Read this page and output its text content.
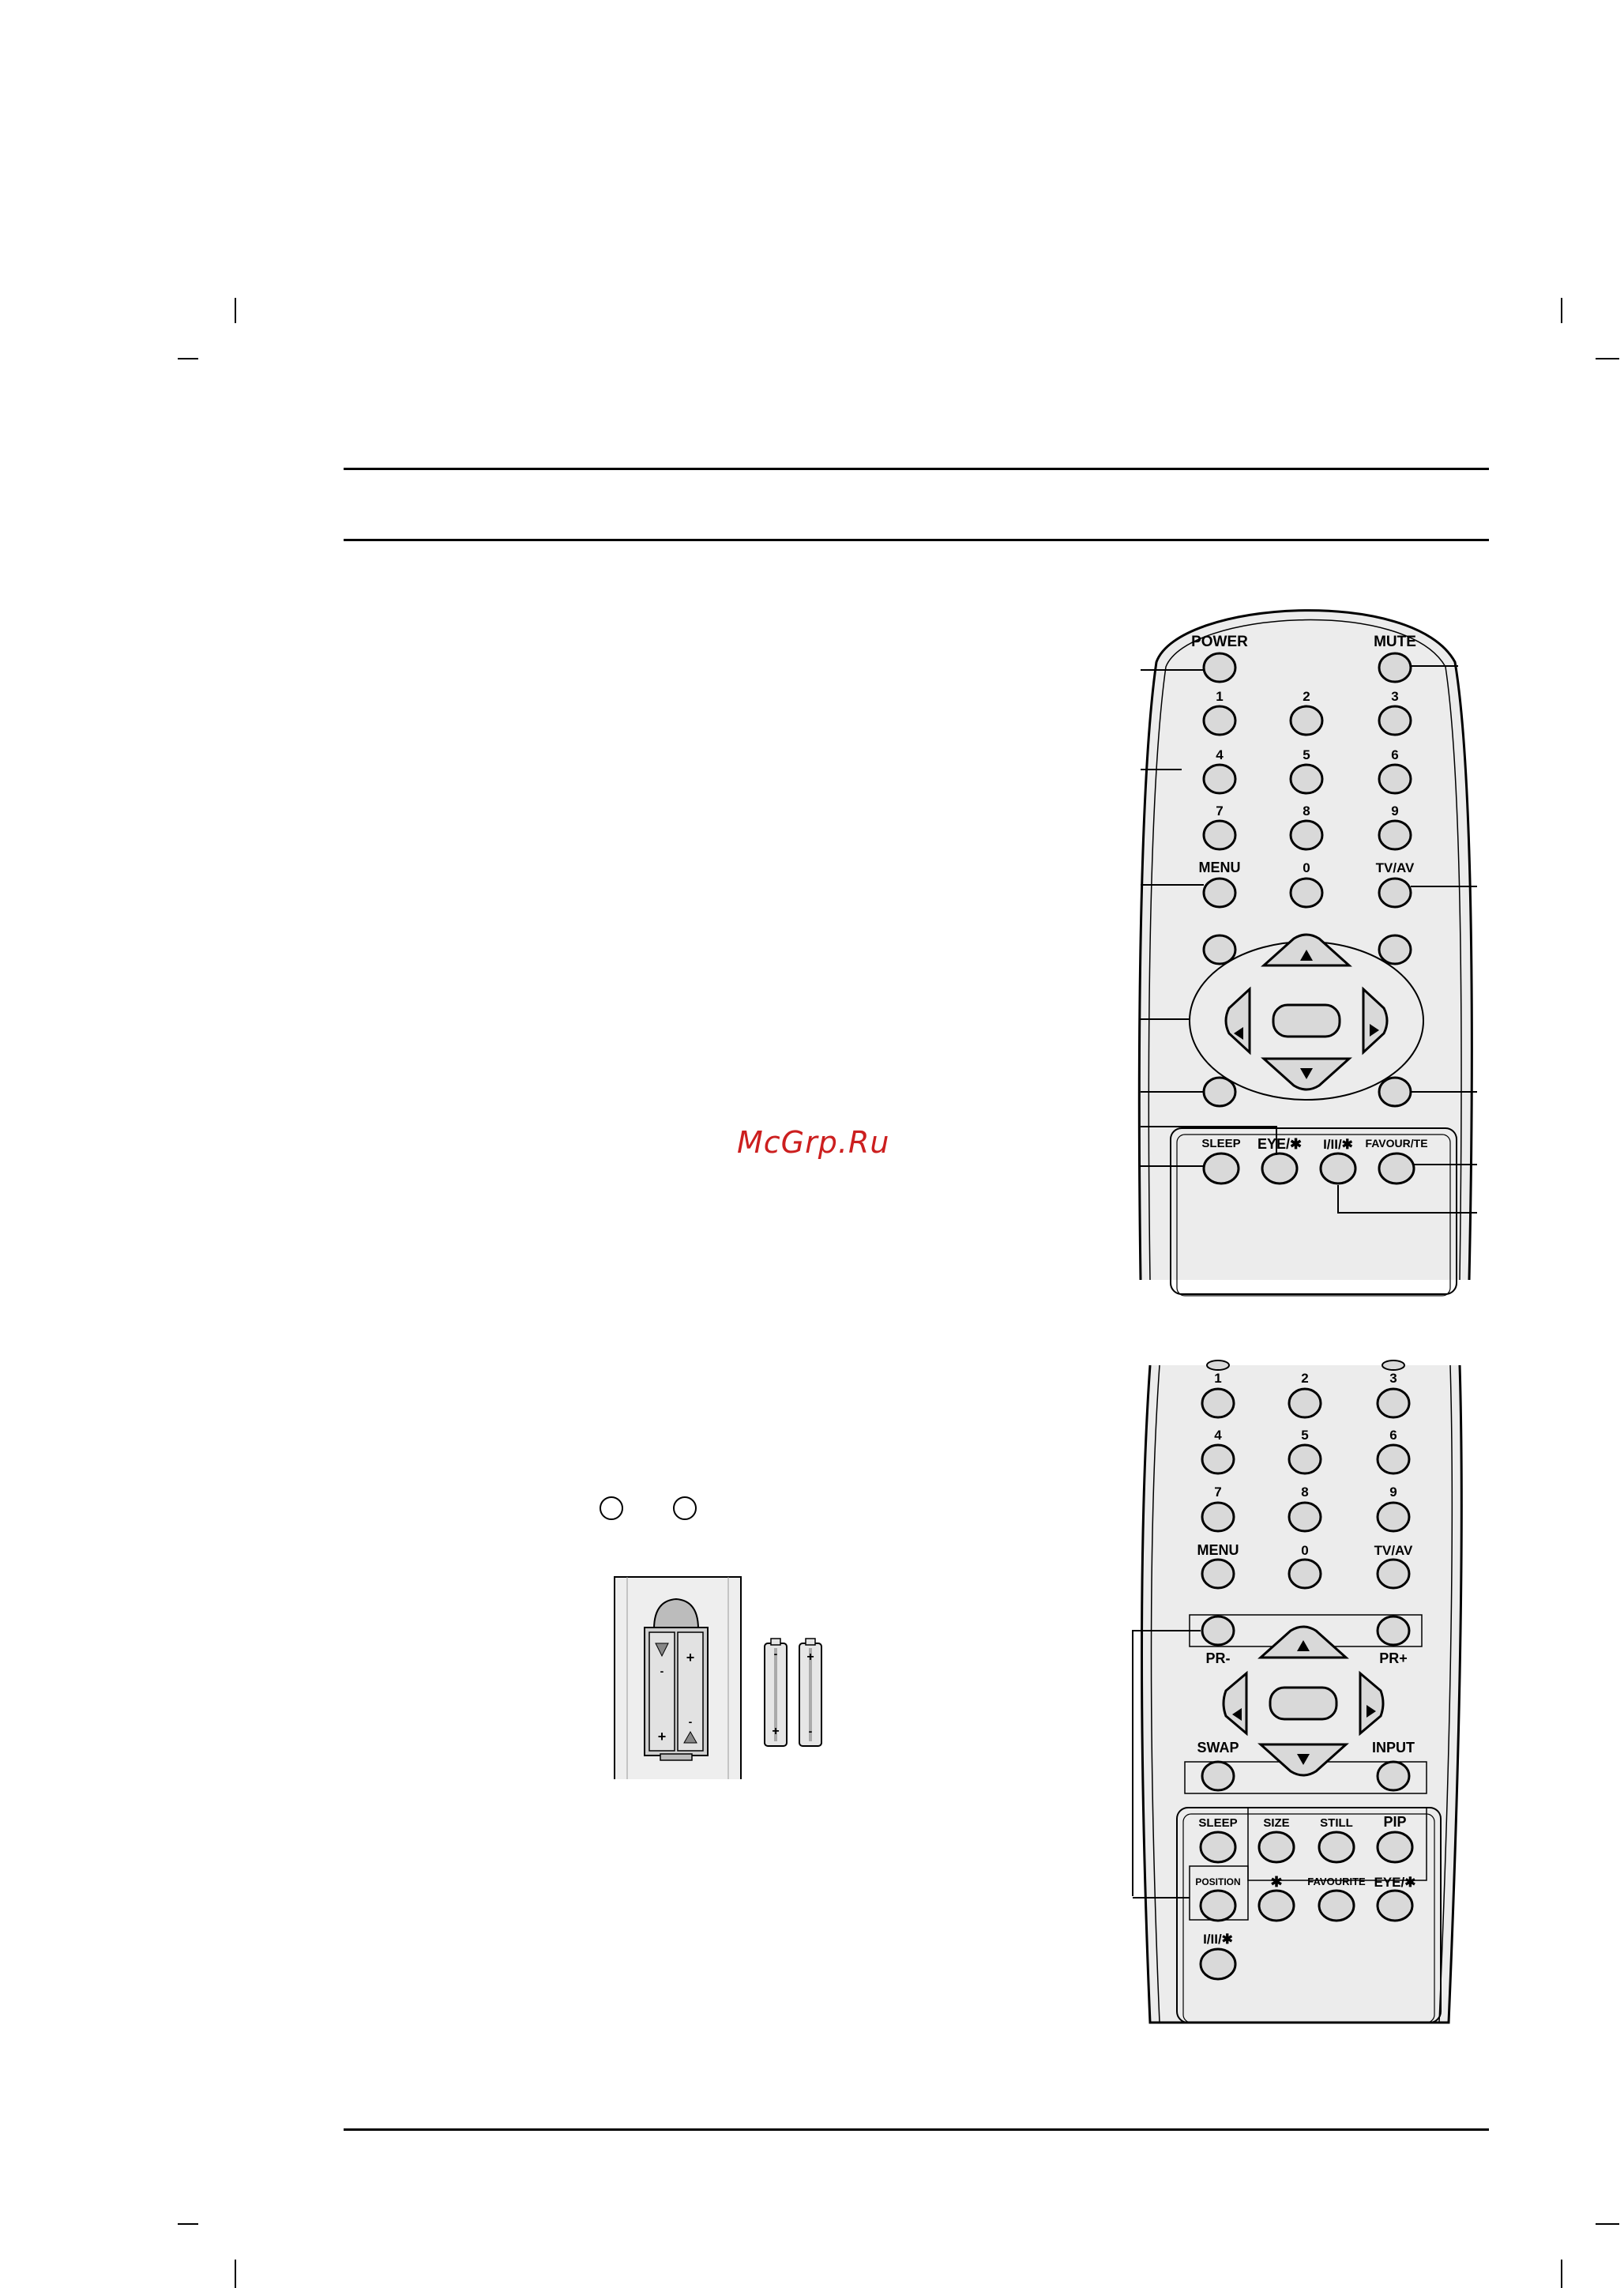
McGrp.Ru
POWER	MUTE
1	2	3
4	5	6
7	8	9
MENU	0	TV/AV
SLEEP EYE/✱ I/II/✱ FAVOUR/TE
1	2	3
4	5	6
7	8	9
MENU	0	TV/AV
PR-	PR+
SWAP	INPUT
SLEEP SIZE	STILL PIP
POSITION ✱ FAVOURITE EYE/✱
I/II/✱
-
+
+
-
-
+
+
-
